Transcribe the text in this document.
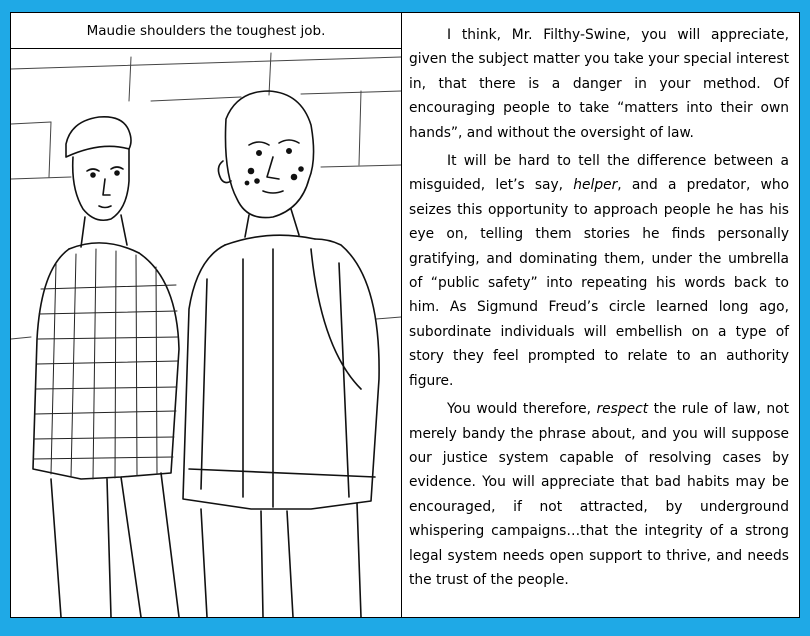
Maudie shoulders the toughest job.	I think, Mr. Filthy-Swine, you will appreciate, given the subject matter you take your special interest in, that there is a danger in your method. Of encouraging people to take “matters into their own hands”, and without the oversight of law.

It will be hard to tell the difference between a misguided, let’s say, helper, and a predator, who seizes this opportunity to approach people he has his eye on, telling them stories he finds personally gratifying, and dominating them, under the umbrella of “public safety” into repeating his words back to him. As Sigmund Freud’s circle learned long ago, subordinate individuals will embellish on a type of story they feel prompted to relate to an authority figure.

You would therefore, respect the rule of law, not merely bandy the phrase about, and you will suppose our justice system capable of resolving cases by evidence. You will appreciate that bad habits may be encouraged, if not attracted, by underground whispering campaigns…that the integrity of a strong legal system needs open support to thrive, and needs the trust of the people.
